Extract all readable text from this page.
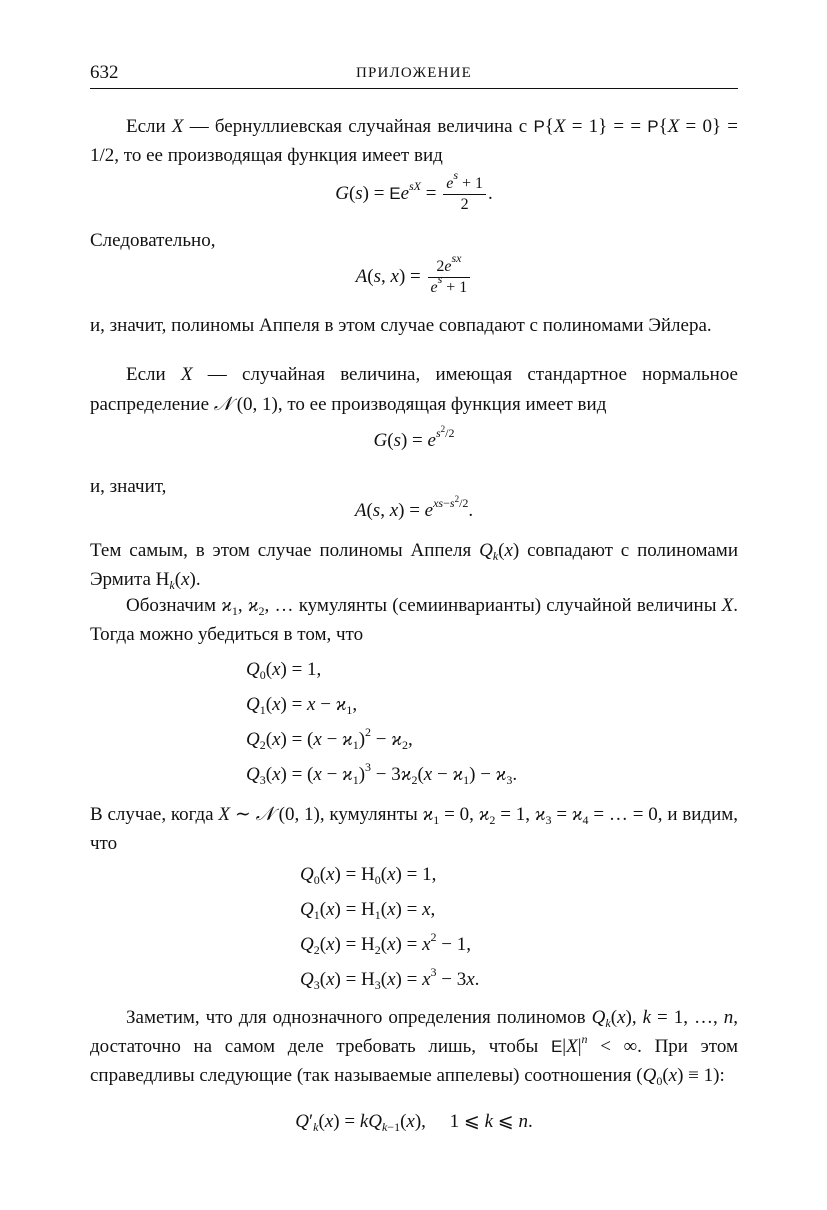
632	ПРИЛОЖЕНИЕ
Если X — бернуллиевская случайная величина с P{X = 1} = = P{X = 0} = 1/2, то ее производящая функция имеет вид
$G(s) = Ee^{sX} = \frac{e^s + 1}{2}$ .
Следовательно,
A(s, $x) = \frac{2e^{sx}}{e^s + 1}$
и, значит, полиномы Аппеля в этом случае совпадают с полиномами Эйлера.
Если X — случайная величина, имеющая стандартное нормальное распределение 𝒩 (0, 1), то ее производящая функция имеет вид
$G(s) = e^{s^2/2}$
и, значит,
A(s, $x) = e^{xs-s^2/2}$.
Тем самым, в этом случае полиномы Аппеля $Q_k(x)$ совпадают с полиномами Эрмита $H_k(x)$.
Обозначим $ϰ_1$, $ϰ_2$, … кумулянты (семиинварианты) случайной величины X. Тогда можно убедиться в том, что
$Q_0(x) = 1$,
$Q_1(x) = x - ϰ_1$,
$Q_2(x) = (x - ϰ_1)^2 - ϰ_2$,
$Q_3(x) = (x - ϰ_1)^3 - 3ϰ_2(x - ϰ_1) - ϰ_3$.
В случае, когда X ∼ 𝒩 (0, 1), кумулянты $ϰ_1 = 0$, $ϰ_2 = 1$, $ϰ_3 = ϰ_4$ = … = 0, и видим, что
$Q_0(x) = H_0(x) = 1$,
$Q_1(x) = H_1(x) = x$,
$Q_2(x) = H_2(x) = x^2 - 1$,
$Q_3(x) = H_3(x) = x^3 - 3x$.
Заметим, что для однозначного определения полиномов $Q_k(x)$, k = 1, …, n, достаточно на самом деле требовать лишь, чтобы $E|X|^n$ < ∞. При этом справедливы следующие (так называемые аппелевы) соотношения $(Q_0(x) \equiv 1)$:
$Q'_k(x) = kQ_{k-1}(x)$,     1 ⩽ k ⩽ n.
